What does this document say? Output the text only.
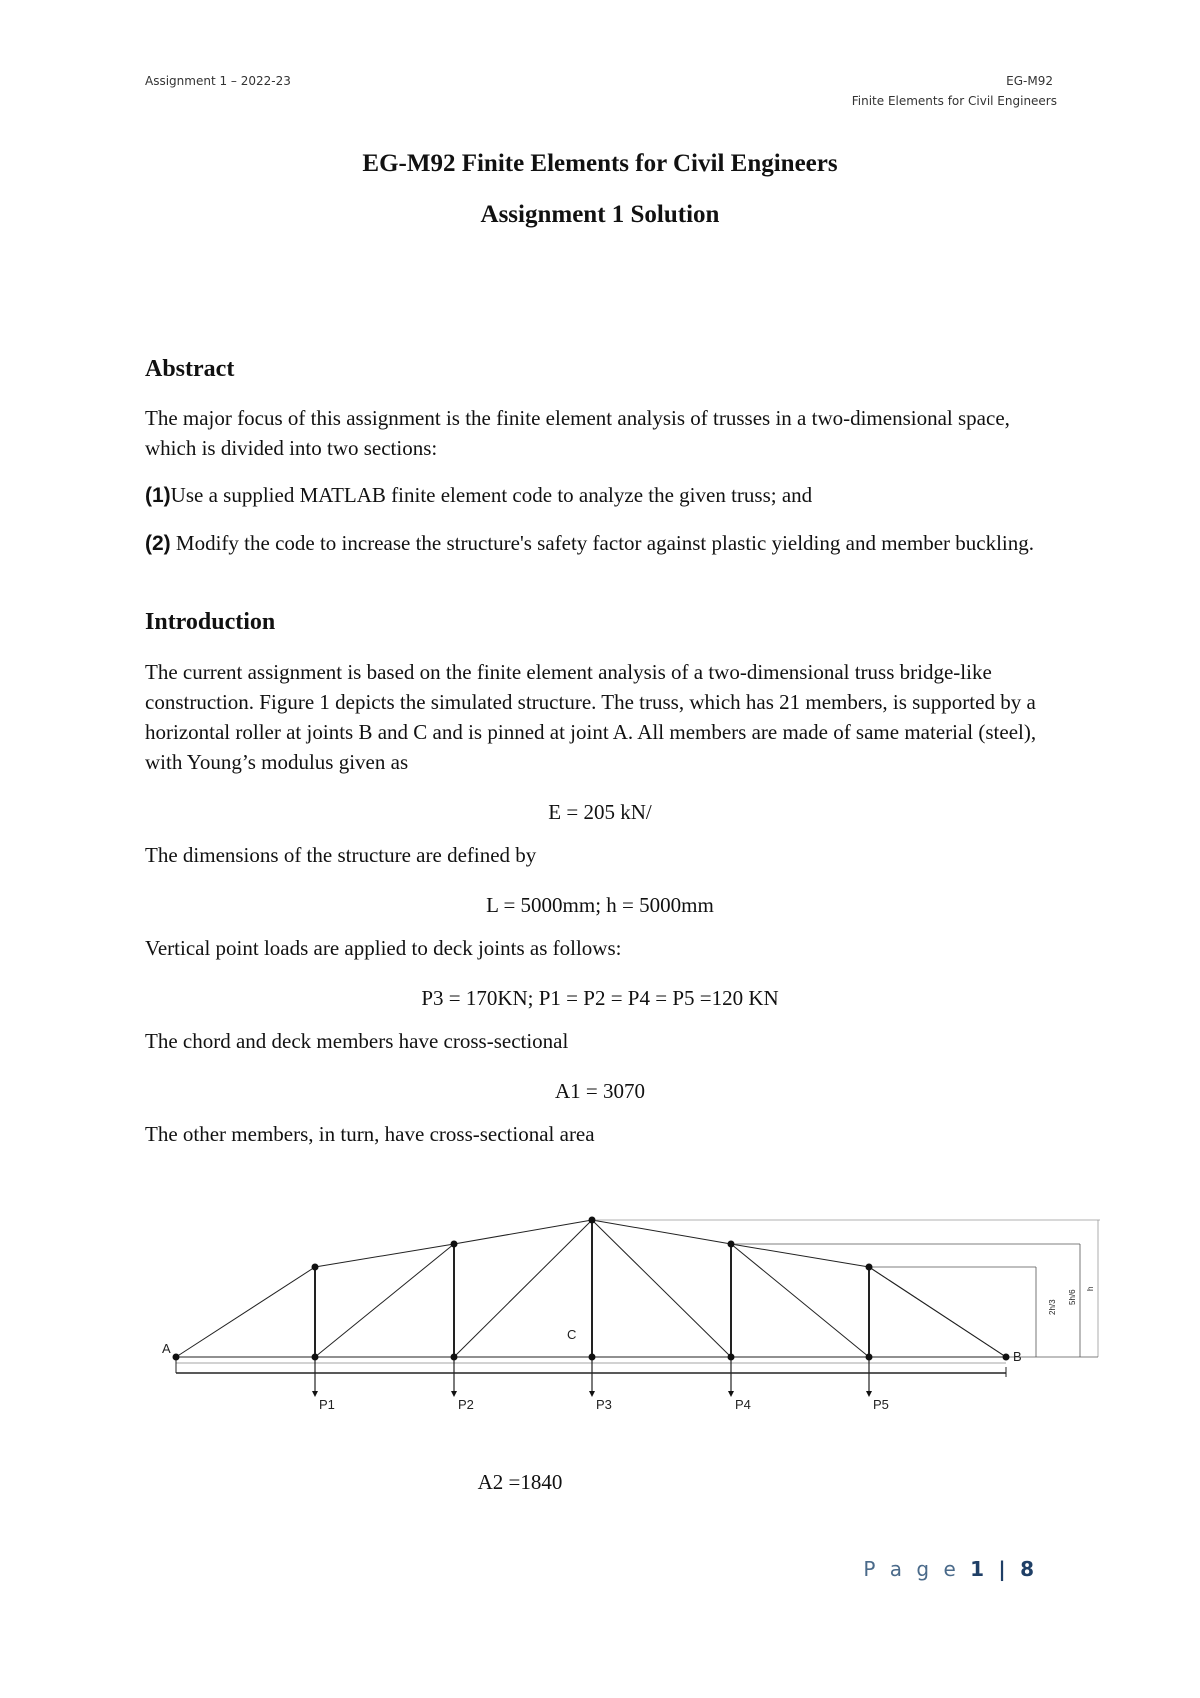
Assignment 1 – 2022-23	EG-M92
Finite Elements for Civil Engineers
EG-M92 Finite Elements for Civil Engineers
Assignment 1 Solution
Abstract
The major focus of this assignment is the finite element analysis of trusses in a two-dimensional space, which is divided into two sections:
(1)Use a supplied MATLAB finite element code to analyze the given truss; and
(2) Modify the code to increase the structure's safety factor against plastic yielding and member buckling.
Introduction
The current assignment is based on the finite element analysis of a two-dimensional truss bridge-like construction. Figure 1 depicts the simulated structure. The truss, which has 21 members, is supported by a horizontal roller at joints B and C and is pinned at joint A. All members are made of same material (steel), with Young’s modulus given as
E = 205 kN/
The dimensions of the structure are defined by
L = 5000mm; h = 5000mm
Vertical point loads are applied to deck joints as follows:
P3 = 170KN; P1 = P2 = P4 = P5 =120 KN
The chord and deck members have cross-sectional
A1 = 3070
The other members, in turn, have cross-sectional area
A
B
C
P1	P2	P3	P4	P5
2h/3
5h/6
h
A2 =1840
P a g e 1 | 8
